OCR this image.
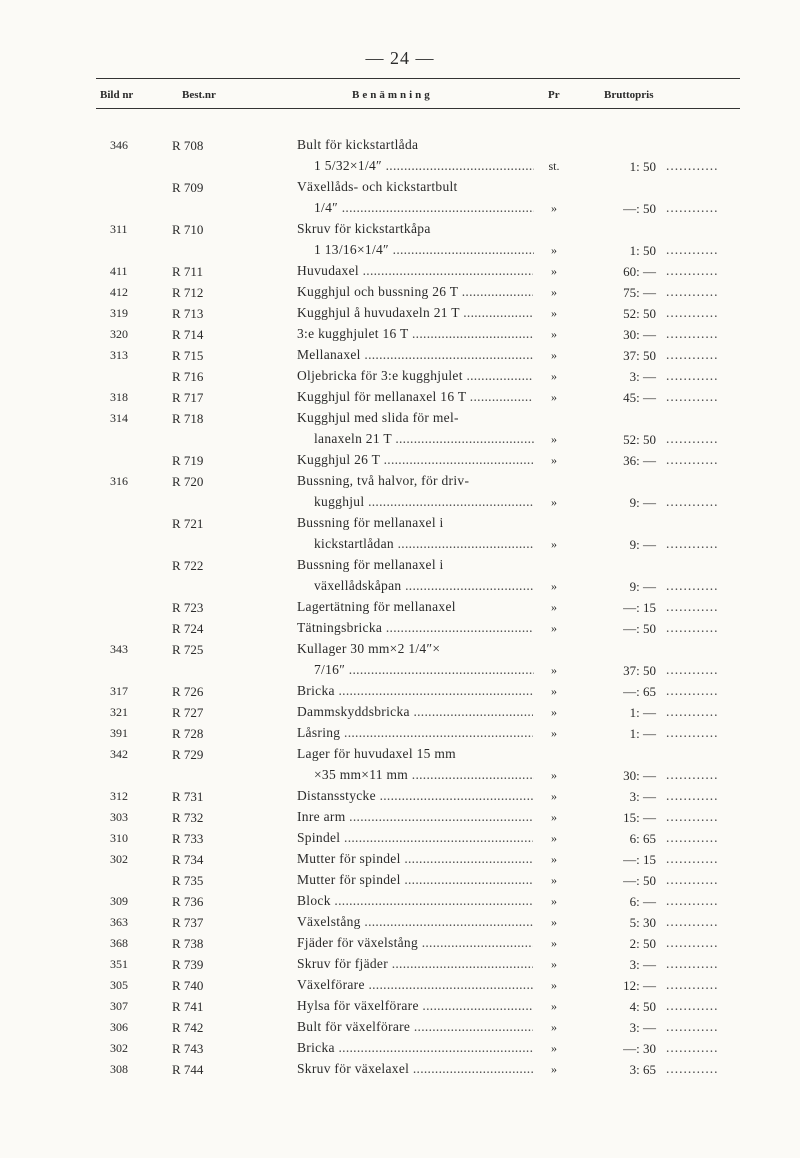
— 24 —
Bild nr	Best.nr	Benämning	Pr	Bruttopris
346	R 708	Bult för kickstartlåda
1 5/32×1/4″ .....	st.	1: 50 ............
R 709	Växellåds- och kickstartbult
1/4″ .....	»	—: 50 ............
311	R 710	Skruv för kickstartkåpa
1 13/16×1/4″ .....	»	1: 50 ............
411	R 711	Huvudaxel .....	»	60: — ............
412	R 712	Kugghjul och bussning 26 T .....	»	75: — ............
319	R 713	Kugghjul å huvudaxeln 21 T .....	»	52: 50 ............
320	R 714	3:e kugghjulet 16 T .....	»	30: — ............
313	R 715	Mellanaxel .....	»	37: 50 ............
R 716	Oljebricka för 3:e kugghjulet .....	»	3: — ............
318	R 717	Kugghjul för mellanaxel 16 T .....	»	45: — ............
314	R 718	Kugghjul med slida för mel-
lanaxeln 21 T .....	»	52: 50 ............
R 719	Kugghjul 26 T .....	»	36: — ............
316	R 720	Bussning, två halvor, för driv-
kugghjul .....	»	9: — ............
R 721	Bussning för mellanaxel i
kickstartlådan .....	»	9: — ............
R 722	Bussning för mellanaxel i
växellådskåpan .....	»	9: — ............
R 723	Lagertätning för mellanaxel	»	—: 15 ............
R 724	Tätningsbricka .....	»	—: 50 ............
343	R 725	Kullager 30 mm×2 1/4″×
7/16″ .....	»	37: 50 ............
317	R 726	Bricka .....	»	—: 65 ............
321	R 727	Dammskyddsbricka .....	»	1: — ............
391	R 728	Låsring .....	»	1: — ............
342	R 729	Lager för huvudaxel 15 mm
×35 mm×11 mm .....	»	30: — ............
312	R 731	Distansstycke .....	»	3: — ............
303	R 732	Inre arm .....	»	15: — ............
310	R 733	Spindel .....	»	6: 65 ............
302	R 734	Mutter för spindel .....	»	—: 15 ............
R 735	Mutter för spindel .....	»	—: 50 ............
309	R 736	Block .....	»	6: — ............
363	R 737	Växelstång .....	»	5: 30 ............
368	R 738	Fjäder för växelstång .....	»	2: 50 ............
351	R 739	Skruv för fjäder .....	»	3: — ............
305	R 740	Växelförare .....	»	12: — ............
307	R 741	Hylsa för växelförare .....	»	4: 50 ............
306	R 742	Bult för växelförare .....	»	3: — ............
302	R 743	Bricka .....	»	—: 30 ............
308	R 744	Skruv för växelaxel .....	»	3: 65 ............
